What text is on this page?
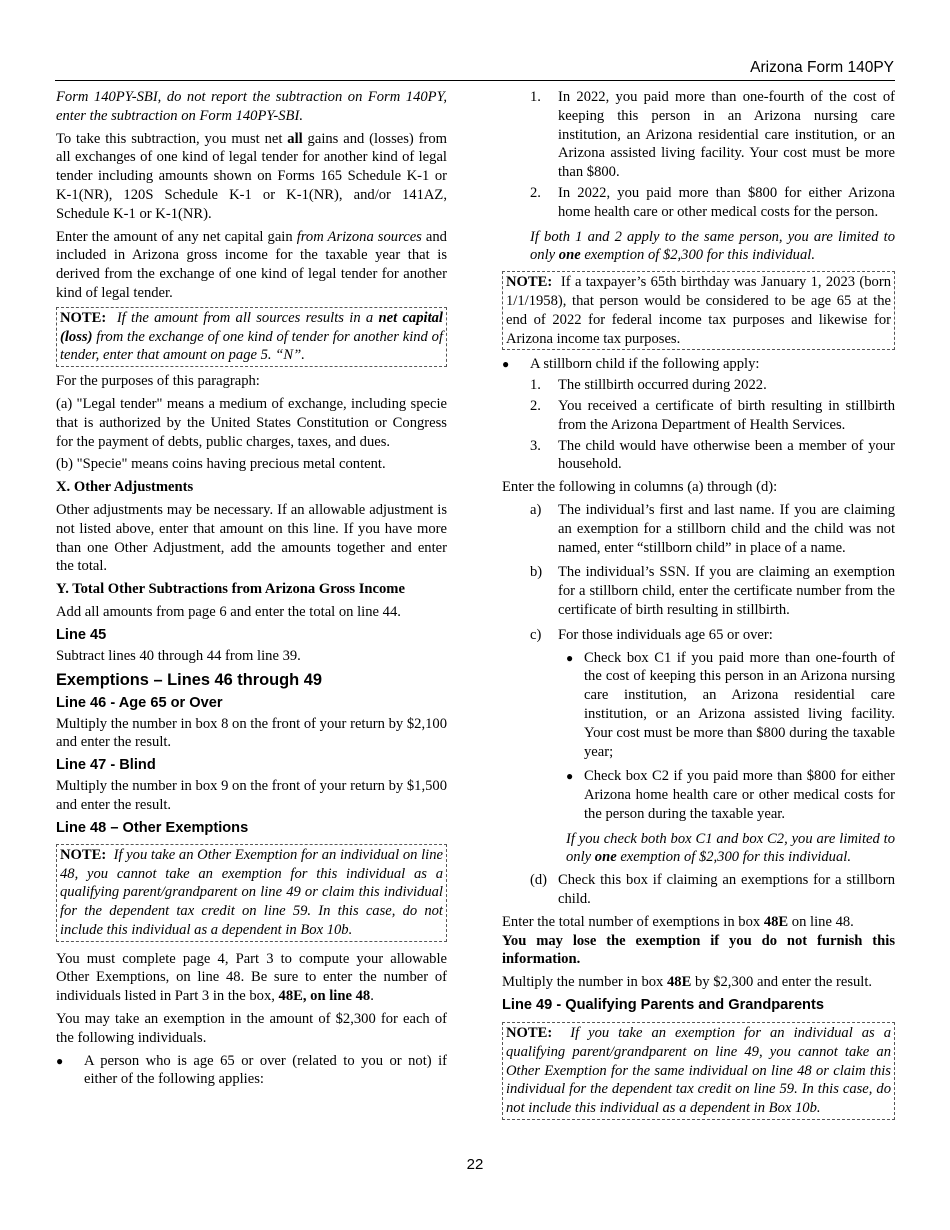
Arizona Form 140PY

Form 140PY-SBI, do not report the subtraction on Form 140PY, enter the subtraction on Form 140PY-SBI.

To take this subtraction, you must net all gains and (losses) from all exchanges of one kind of legal tender for another kind of legal tender including amounts shown on Forms 165 Schedule K-1 or K-1(NR), 120S Schedule K-1 or K-1(NR), and/or 141AZ, Schedule K-1 or K-1(NR).

Enter the amount of any net capital gain from Arizona sources and included in Arizona gross income for the taxable year that is derived from the exchange of one kind of legal tender for another kind of legal tender.

NOTE: If the amount from all sources results in a net capital (loss) from the exchange of one kind of tender for another kind of tender, enter that amount on page 5. “N”.

For the purposes of this paragraph:

(a) "Legal tender" means a medium of exchange, including specie that is authorized by the United States Constitution or Congress for the payment of debts, public charges, taxes, and dues.

(b) "Specie" means coins having precious metal content.

X. Other Adjustments

Other adjustments may be necessary. If an allowable adjustment is not listed above, enter that amount on this line. If you have more than one Other Adjustment, add the amounts together and enter the total.

Y. Total Other Subtractions from Arizona Gross Income

Add all amounts from page 6 and enter the total on line 44.

Line 45

Subtract lines 40 through 44 from line 39.

Exemptions – Lines 46 through 49
Line 46 - Age 65 or Over

Multiply the number in box 8 on the front of your return by $2,100 and enter the result.

Line 47 - Blind

Multiply the number in box 9 on the front of your return by $1,500 and enter the result.

Line 48 – Other Exemptions

NOTE: If you take an Other Exemption for an individual on line 48, you cannot take an exemption for this individual as a qualifying parent/grandparent on line 49 or claim this individual for the dependent tax credit on line 59. In this case, do not include this individual as a dependent in Box 10b.

You must complete page 4, Part 3 to compute your allowable Other Exemptions, on line 48. Be sure to enter the number of individuals listed in Part 3 in the box, 48E, on line 48.

You may take an exemption in the amount of $2,300 for each of the following individuals.

●	A person who is age 65 or over (related to you or not) if either of the following applies:
1.	In 2022, you paid more than one-fourth of the cost of keeping this person in an Arizona nursing care institution, an Arizona residential care institution, or an Arizona assisted living facility. Your cost must be more than $800.
2.	In 2022, you paid more than $800 for either Arizona home health care or other medical costs for the person.

If both 1 and 2 apply to the same person, you are limited to only one exemption of $2,300 for this individual.

NOTE: If a taxpayer’s 65th birthday was January 1, 2023 (born 1/1/1958), that person would be considered to be age 65 at the end of 2022 for federal income tax purposes and likewise for Arizona income tax purposes.

●	A stillborn child if the following apply:
1.	The stillbirth occurred during 2022.
2.	You received a certificate of birth resulting in stillbirth from the Arizona Department of Health Services.
3.	The child would have otherwise been a member of your household.

Enter the following in columns (a) through (d):

a)	The individual’s first and last name. If you are claiming an exemption for a stillborn child and the child was not named, enter “stillborn child” in place of a name.
b)	The individual’s SSN. If you are claiming an exemption for a stillborn child, enter the certificate number from the certificate of birth resulting in stillbirth.
c)	For those individuals age 65 or over:
● Check box C1 if you paid more than one-fourth of the cost of keeping this person in an Arizona nursing care institution, an Arizona residential care institution, or an Arizona assisted living facility. Your cost must be more than $800 during the taxable year;
● Check box C2 if you paid more than $800 for either Arizona home health care or other medical costs for the person during the taxable year.

If you check both box C1 and box C2, you are limited to only one exemption of $2,300 for this individual.

(d) Check this box if claiming an exemptions for a stillborn child.

Enter the total number of exemptions in box 48E on line 48.

You may lose the exemption if you do not furnish this information.

Multiply the number in box 48E by $2,300 and enter the result.

Line 49 - Qualifying Parents and Grandparents

NOTE: If you take an exemption for an individual as a qualifying parent/grandparent on line 49, you cannot take an Other Exemption for the same individual on line 48 or claim this individual for the dependent tax credit on line 59. In this case, do not include this individual as a dependent in Box 10b.

22
